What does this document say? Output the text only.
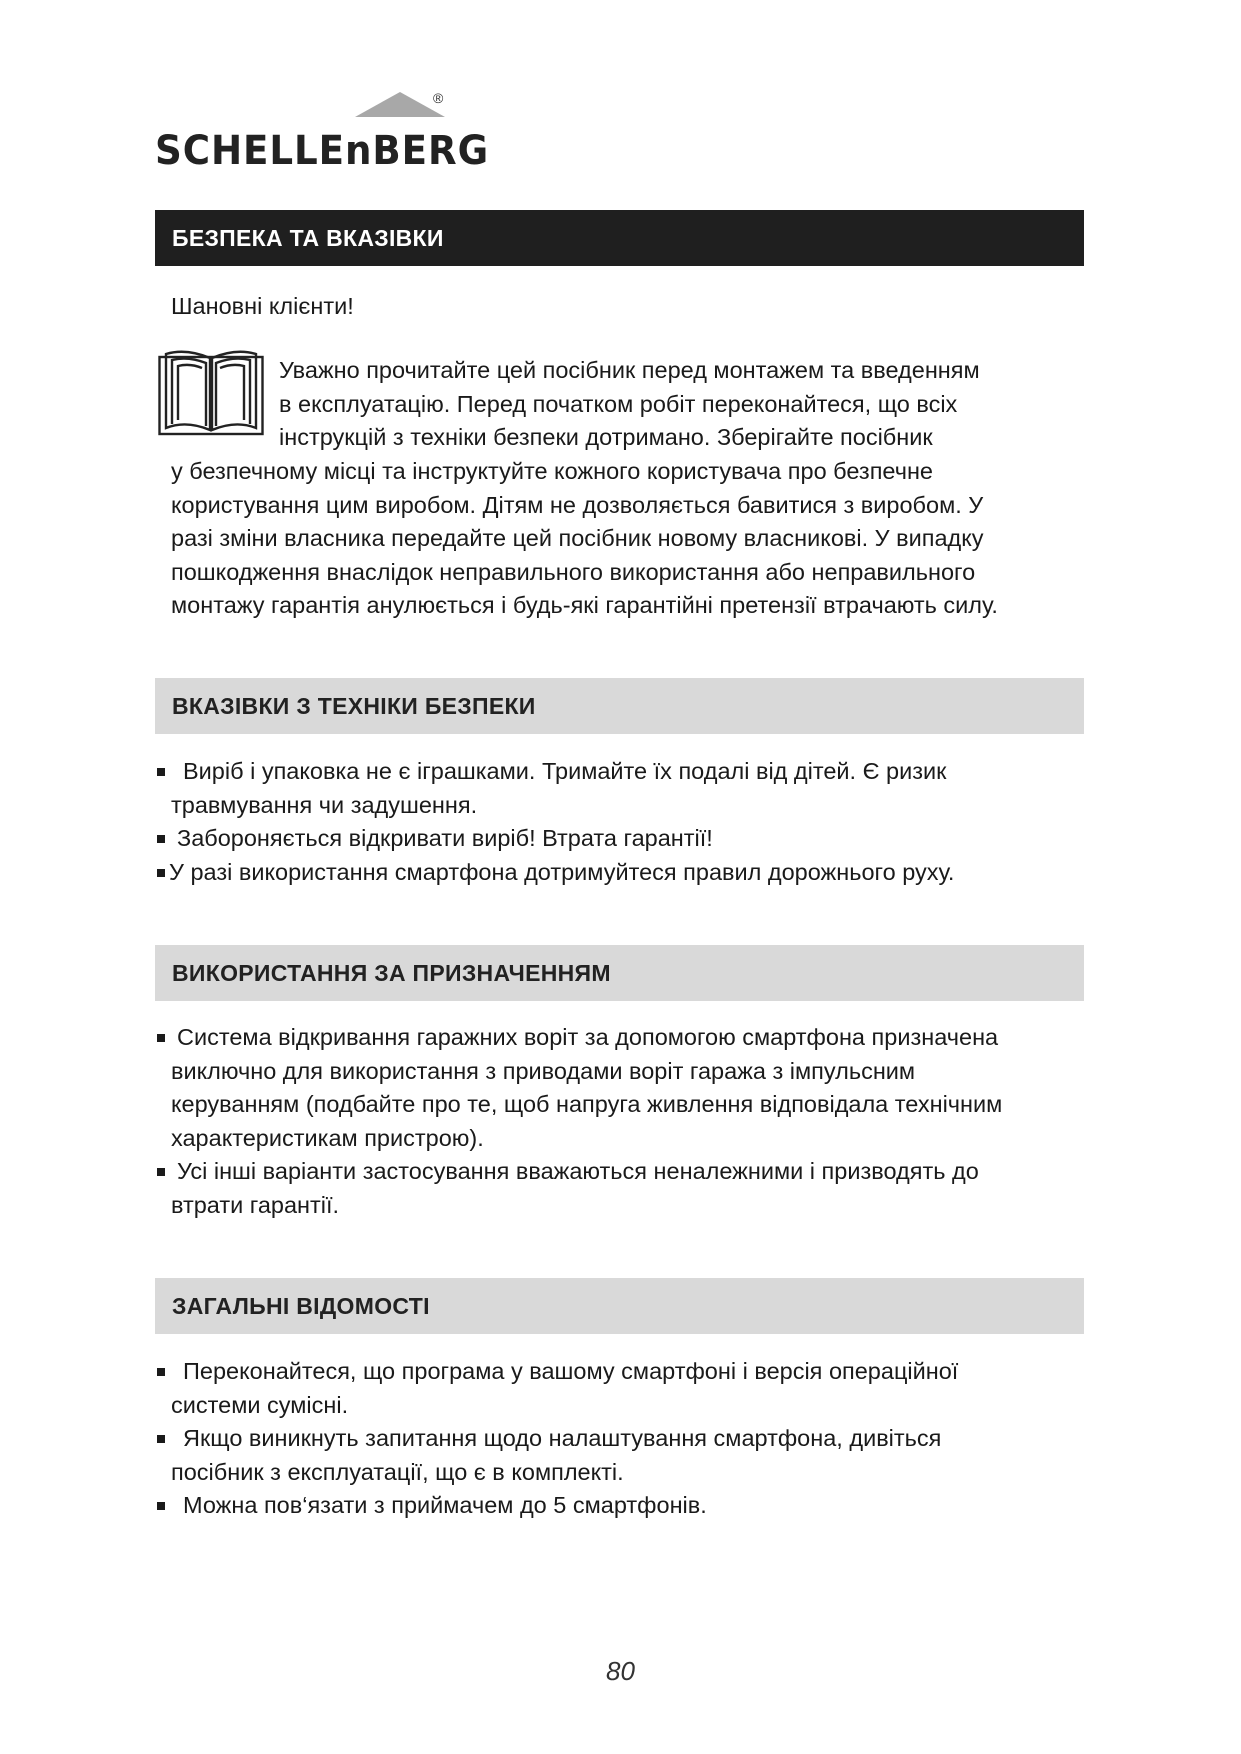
®
SCHELLEnBERG
БЕЗПЕКА ТА ВКАЗІВКИ
Шановні клієнти!
Уважно прочитайте цей посібник перед монтажем та введенням
в експлуатацію. Перед початком робіт переконайтеся, що всіх
інструкцій з техніки безпеки дотримано. Зберігайте посібник
у безпечному місці та інструктуйте кожного користувача про безпечне
користування цим виробом. Дітям не дозволяється бавитися з виробом. У
разі зміни власника передайте цей посібник новому власникові. У випадку
пошкодження внаслідок неправильного використання або неправильного
монтажу гарантія анулюється і будь-які гарантійні претензії втрачають силу.
ВКАЗІВКИ З ТЕХНІКИ БЕЗПЕКИ
Виріб і упаковка не є іграшками. Тримайте їх подалі від дітей. Є ризик
травмування чи задушення.
Забороняється відкривати виріб! Втрата гарантії!
У разі використання смартфона дотримуйтеся правил дорожнього руху.
ВИКОРИСТАННЯ ЗА ПРИЗНАЧЕННЯМ
Система відкривання гаражних воріт за допомогою смартфона призначена
виключно для використання з приводами воріт гаража з імпульсним
керуванням (подбайте про те, щоб напруга живлення відповідала технічним
характеристикам пристрою).
Усі інші варіанти застосування вважаються неналежними і призводять до
втрати гарантії.
ЗАГАЛЬНІ ВІДОМОСТІ
Переконайтеся, що програма у вашому смартфоні і версія операційної
системи сумісні.
Якщо виникнуть запитання щодо налаштування смартфона, дивіться
посібник з експлуатації, що є в комплекті.
Можна пов‘язати з приймачем до 5 смартфонів.
80
